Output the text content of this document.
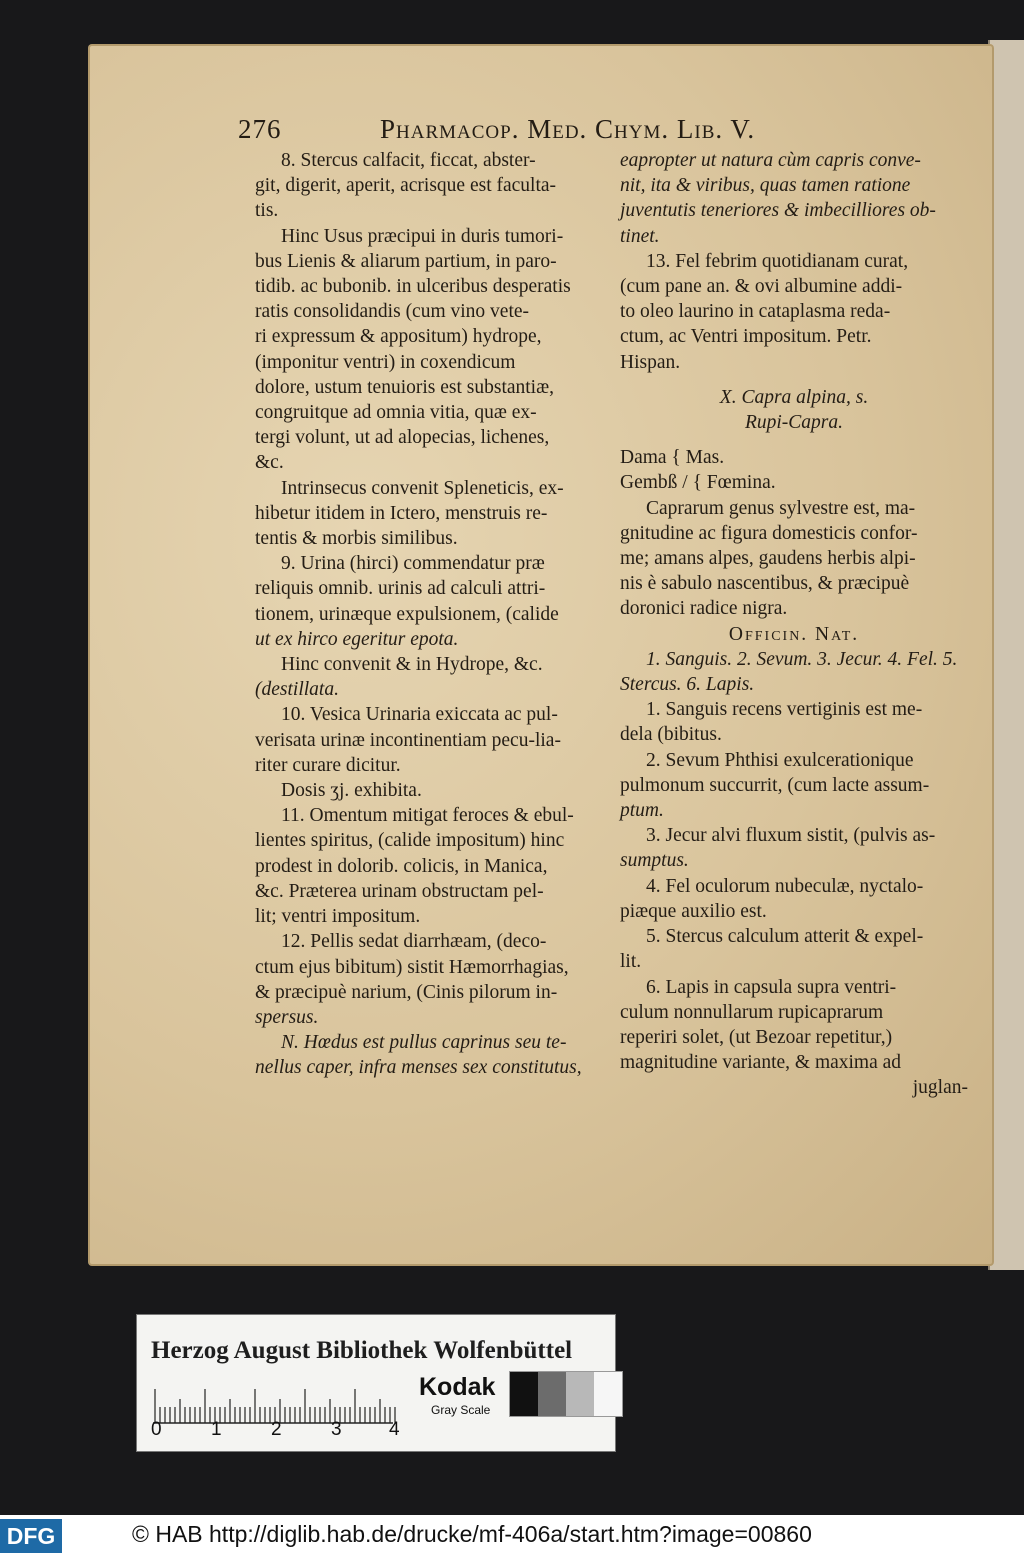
276	Pharmacop. Med. Chym. Lib. V.

8. Stercus calfacit, ficcat, abster-

git, digerit, aperit, acrisque est faculta-

tis.

Hinc Usus præcipui in duris tumori-

bus Lienis & aliarum partium, in paro-

tidib. ac bubonib. in ulceribus desperatis

ratis consolidandis (cum vino vete-

ri expressum & appositum) hydrope,

(imponitur ventri) in coxendicum

dolore, ustum tenuioris est substantiæ,

congruitque ad omnia vitia, quæ ex-

tergi volunt, ut ad alopecias, lichenes,

&c.

Intrinsecus convenit Spleneticis, ex-

hibetur itidem in Ictero, menstruis re-

tentis & morbis similibus.

9. Urina (hirci) commendatur præ

reliquis omnib. urinis ad calculi attri-

tionem, urinæque expulsionem, (calide

ut ex hirco egeritur epota.

Hinc convenit & in Hydrope, &c.

(destillata.

10. Vesica Urinaria exiccata ac pul-

verisata urinæ incontinentiam pecu-lia-

riter curare dicitur.

Dosis ʒj. exhibita.

11. Omentum mitigat feroces & ebul-

lientes spiritus, (calide impositum) hinc

prodest in dolorib. colicis, in Manica,

&c. Præterea urinam obstructam pel-

lit; ventri impositum.

12. Pellis sedat diarrhæam, (deco-

ctum ejus bibitum) sistit Hæmorrhagias,

& præcipuè narium, (Cinis pilorum in-

spersus.

N. Hœdus est pullus caprinus seu te-

nellus caper, infra menses sex constitutus,

eapropter ut natura cùm capris conve-

nit, ita & viribus, quas tamen ratione

juventutis teneriores & imbecilliores ob-

tinet.

13. Fel febrim quotidianam curat,

(cum pane an. & ovi albumine addi-

to oleo laurino in cataplasma reda-

ctum, ac Ventri impositum. Petr.

Hispan.

X. Capra alpina, s.

Rupi-Capra.

Dama { Mas.

Gembß / { Fœmina.

Caprarum genus sylvestre est, ma-

gnitudine ac figura domesticis confor-

me; amans alpes, gaudens herbis alpi-

nis è sabulo nascentibus, & præcipuè

doronici radice nigra.

Officin. Nat.

1. Sanguis. 2. Sevum. 3. Jecur. 4. Fel. 5.

Stercus. 6. Lapis.

1. Sanguis recens vertiginis est me-

dela (bibitus.

2. Sevum Phthisi exulcerationique

pulmonum succurrit, (cum lacte assum-

ptum.

3. Jecur alvi fluxum sistit, (pulvis as-

sumptus.

4. Fel oculorum nubeculæ, nyctalo-

piæque auxilio est.

5. Stercus calculum atterit & expel-

lit.

6. Lapis in capsula supra ventri-

culum nonnullarum rupicaprarum

reperiri solet, (ut Bezoar repetitur,)

magnitudine variante, & maxima ad

juglan-

Herzog August Bibliothek Wolfenbüttel
0	1	2	3 4
Kodak
Gray Scale
DFG	© HAB http://diglib.hab.de/drucke/mf-406a/start.htm?image=00860
